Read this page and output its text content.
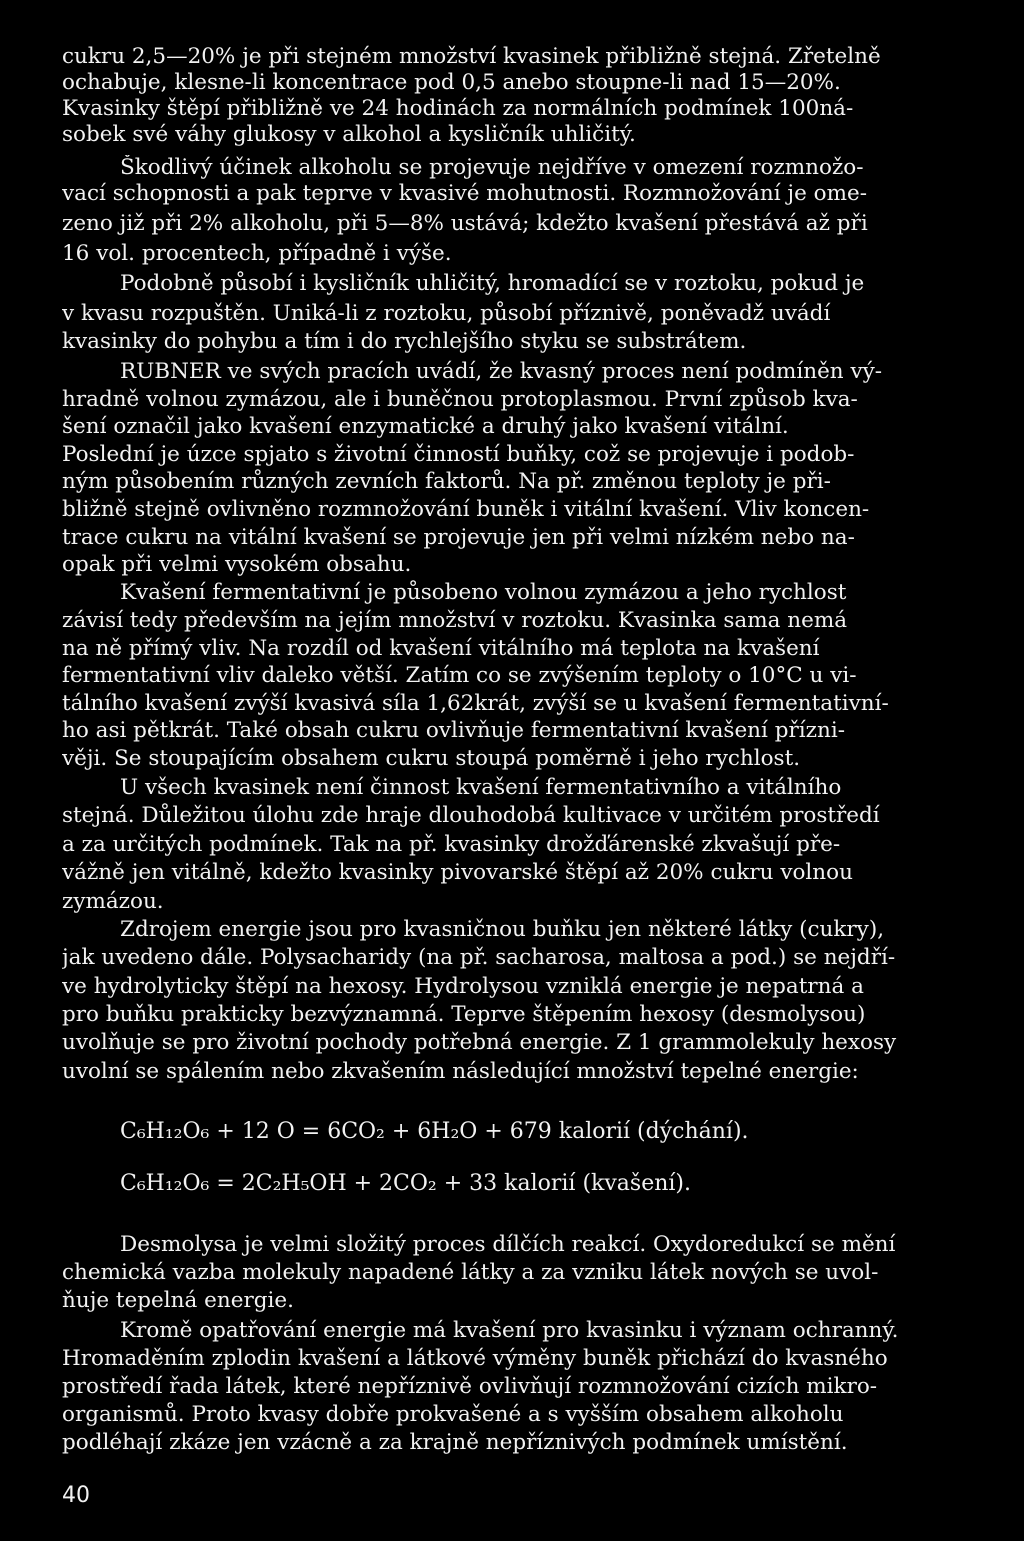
cukru 2,5—20% je při stejném množství kvasinek přibližně stejná. Zřetelně
ochabuje, klesne-li koncentrace pod 0,5 anebo stoupne-li nad 15—20%.
Kvasinky štěpí přibližně ve 24 hodinách za normálních podmínek 100ná-
sobek své váhy glukosy v alkohol a kysličník uhličitý.
Škodlivý účinek alkoholu se projevuje nejdříve v omezení rozmnožo-
vací schopnosti a pak teprve v kvasivé mohutnosti. Rozmnožování je ome-
zeno již při 2% alkoholu, při 5—8% ustává; kdežto kvašení přestává až při
16 vol. procentech, případně i výše.
Podobně působí i kysličník uhličitý, hromadící se v roztoku, pokud je
v kvasu rozpuštěn. Uniká-li z roztoku, působí příznivě, poněvadž uvádí
kvasinky do pohybu a tím i do rychlejšího styku se substrátem.
RUBNER ve svých pracích uvádí, že kvasný proces není podmíněn vý-
hradně volnou zymázou, ale i buněčnou protoplasmou. První způsob kva-
šení označil jako kvašení enzymatické a druhý jako kvašení vitální.
Poslední je úzce spjato s životní činností buňky, což se projevuje i podob-
ným působením různých zevních faktorů. Na př. změnou teploty je při-
bližně stejně ovlivněno rozmnožování buněk i vitální kvašení. Vliv koncen-
trace cukru na vitální kvašení se projevuje jen při velmi nízkém nebo na-
opak při velmi vysokém obsahu.
Kvašení fermentativní je působeno volnou zymázou a jeho rychlost
závisí tedy především na jejím množství v roztoku. Kvasinka sama nemá
na ně přímý vliv. Na rozdíl od kvašení vitálního má teplota na kvašení
fermentativní vliv daleko větší. Zatím co se zvýšením teploty o 10°C u vi-
tálního kvašení zvýší kvasivá síla 1,62krát, zvýší se u kvašení fermentativní-
ho asi pětkrát. Také obsah cukru ovlivňuje fermentativní kvašení přízni-
věji. Se stoupajícím obsahem cukru stoupá poměrně i jeho rychlost.
U všech kvasinek není činnost kvašení fermentativního a vitálního
stejná. Důležitou úlohu zde hraje dlouhodobá kultivace v určitém prostředí
a za určitých podmínek. Tak na př. kvasinky drožďárenské zkvašují pře-
vážně jen vitálně, kdežto kvasinky pivovarské štěpí až 20% cukru volnou
zymázou.
Zdrojem energie jsou pro kvasničnou buňku jen některé látky (cukry),
jak uvedeno dále. Polysacharidy (na př. sacharosa, maltosa a pod.) se nejdří-
ve hydrolyticky štěpí na hexosy. Hydrolysou vzniklá energie je nepatrná a
pro buňku prakticky bezvýznamná. Teprve štěpením hexosy (desmolysou)
uvolňuje se pro životní pochody potřebná energie. Z 1 grammolekuly hexosy
uvolní se spálením nebo zkvašením následující množství tepelné energie:
C₆H₁₂O₆ + 12 O = 6CO₂ + 6H₂O + 679 kalorií (dýchání).
C₆H₁₂O₆ = 2C₂H₅OH + 2CO₂ + 33 kalorií (kvašení).
Desmolysa je velmi složitý proces dílčích reakcí. Oxydoredukcí se mění
chemická vazba molekuly napadené látky a za vzniku látek nových se uvol-
ňuje tepelná energie.
Kromě opatřování energie má kvašení pro kvasinku i význam ochranný.
Hromaděním zplodin kvašení a látkové výměny buněk přichází do kvasného
prostředí řada látek, které nepříznivě ovlivňují rozmnožování cizích mikro-
organismů. Proto kvasy dobře prokvašené a s vyšším obsahem alkoholu
podléhají zkáze jen vzácně a za krajně nepříznivých podmínek umístění.
40
